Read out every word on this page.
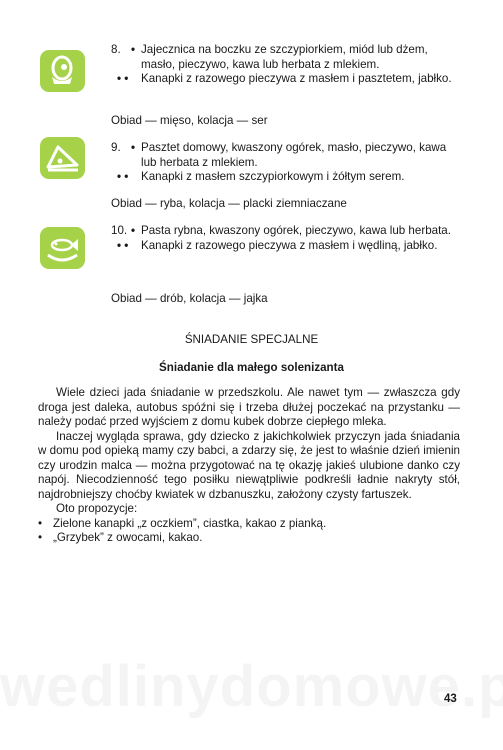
8. • Jajecznica na boczku ze szczypiorkiem, miód lub dżem, masło, pieczywo, kawa lub herbata z mlekiem.
• • Kanapki z razowego pieczywa z masłem i pasztetem, jabłko.
Obiad — mięso, kolacja — ser
9. • Pasztet domowy, kwaszony ogórek, masło, pieczywo, kawa lub herbata z mlekiem.
• • Kanapki z masłem szczypiorkowym i żółtym serem.
Obiad — ryba, kolacja — placki ziemniaczane
10. • Pasta rybna, kwaszony ogórek, pieczywo, kawa lub herbata.
• • Kanapki z razowego pieczywa z masłem i wędliną, jabłko.
Obiad — drób, kolacja — jajka
ŚNIADANIE SPECJALNE
Śniadanie dla małego solenizanta

Wiele dzieci jada śniadanie w przedszkolu. Ale nawet tym — zwłaszcza gdy droga jest daleka, autobus spóźni się i trzeba dłużej poczekać na przystanku — należy podać przed wyjściem z domu kubek dobrze ciepłego mleka.

Inaczej wygląda sprawa, gdy dziecko z jakichkolwiek przyczyn jada śniadania w domu pod opieką mamy czy babci, a zdarzy się, że jest to właśnie dzień imienin czy urodzin malca — można przygotować na tę okazję jakieś ulubione danko czy napój. Niecodzienność tego posiłku niewątpliwie podkreśli ładnie nakryty stół, najdrobniejszy choćby kwiatek w dzbanuszku, założony czysty fartuszek.

Oto propozycje:

• Zielone kanapki „z oczkiem”, ciastka, kakao z pianką.
• „Grzybek” z owocami, kakao.
43
